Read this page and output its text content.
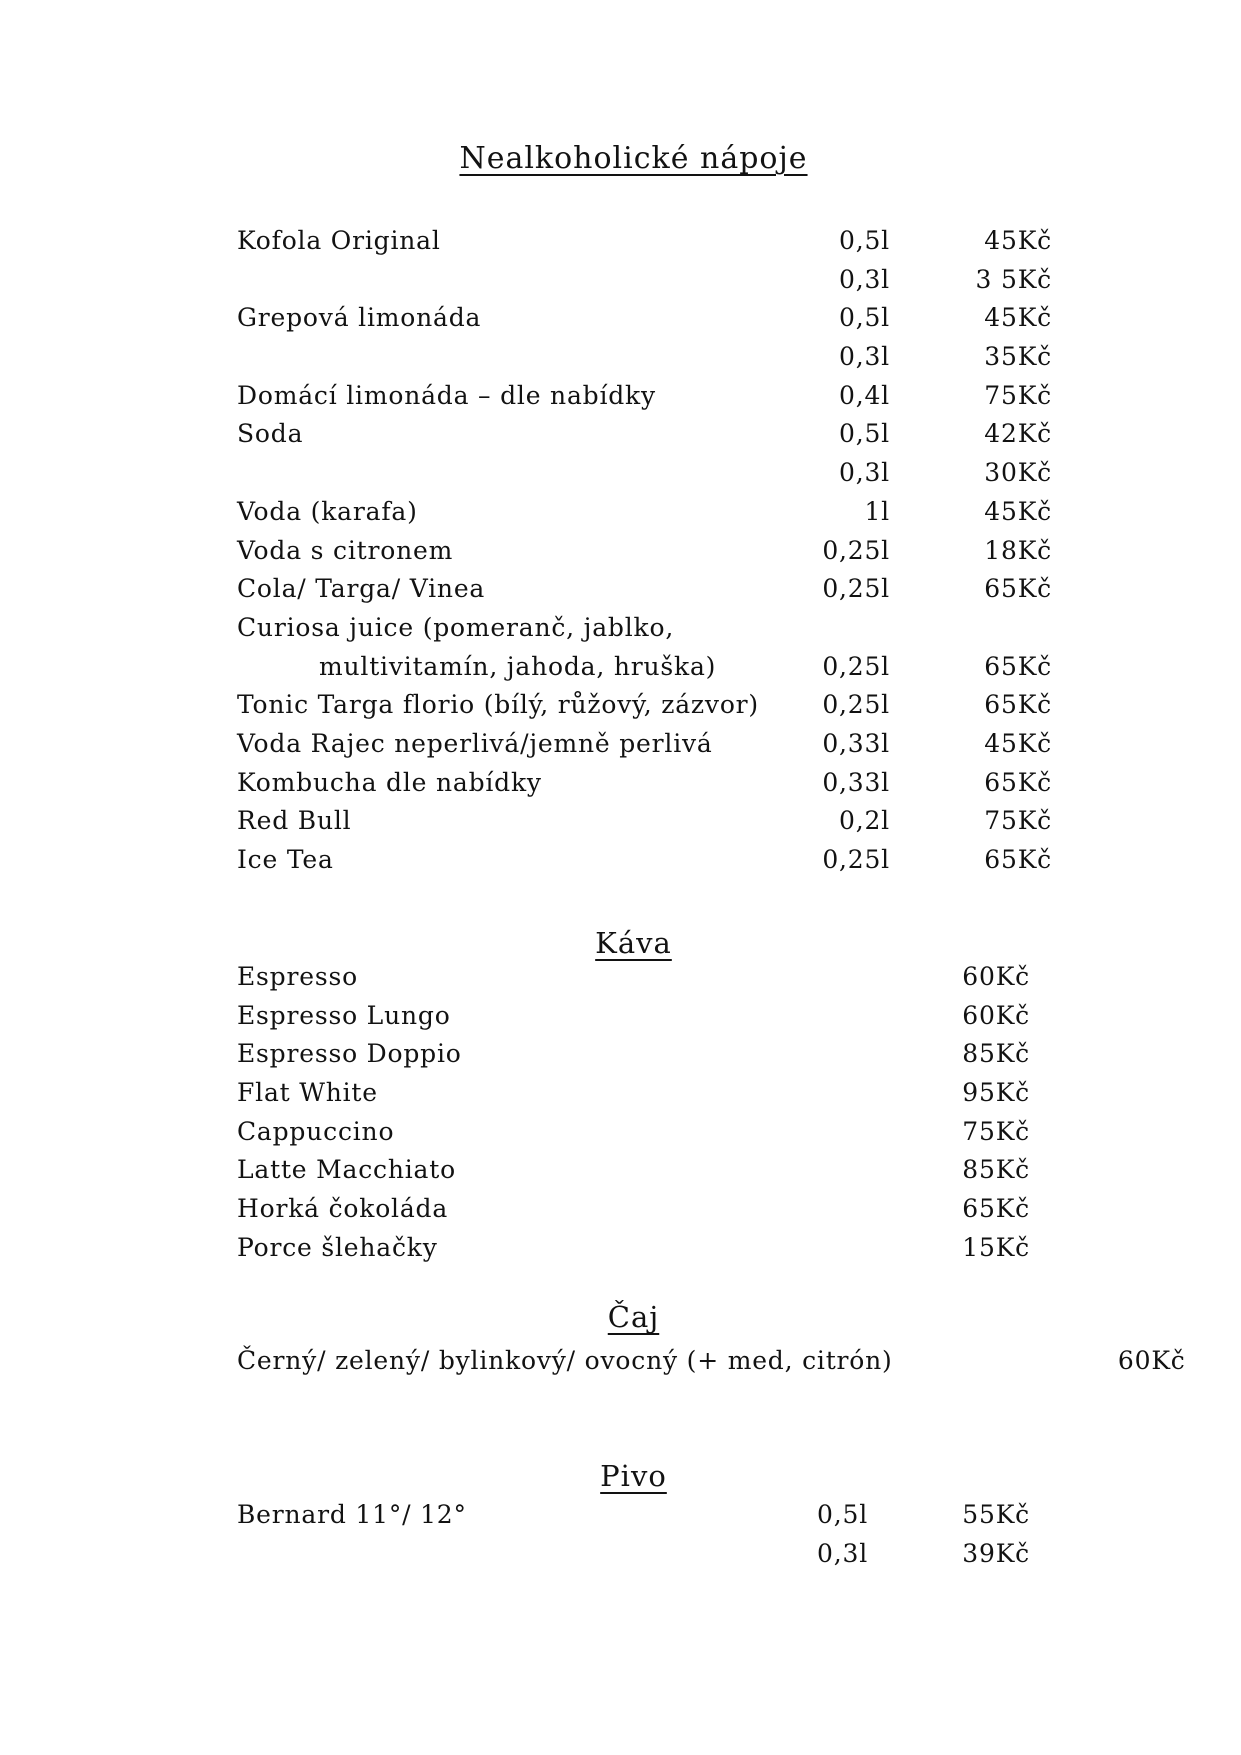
Nealkoholické nápoje
Kofola Original	0,5l	45Kč
0,3l	3 5Kč
Grepová limonáda	0,5l	45Kč
0,3l	35Kč
Domácí limonáda – dle nabídky	0,4l	75Kč
Soda	0,5l	42Kč
0,3l	30Kč
Voda (karafa)	1l	45Kč
Voda s citronem	0,25l	18Kč
Cola/ Targa/ Vinea	0,25l	65Kč
Curiosa juice (pomeranč, jablko,
multivitamín, jahoda, hruška)	0,25l	65Kč
Tonic Targa florio (bílý, růžový, zázvor)	0,25l	65Kč
Voda Rajec neperlivá/jemně perlivá	0,33l	45Kč
Kombucha dle nabídky	0,33l	65Kč
Red Bull	0,2l	75Kč
Ice Tea	0,25l	65Kč
Káva
Espresso	60Kč
Espresso Lungo	60Kč
Espresso Doppio	85Kč
Flat White	95Kč
Cappuccino	75Kč
Latte Macchiato	85Kč
Horká čokoláda	65Kč
Porce šlehačky	15Kč
Čaj
Černý/ zelený/ bylinkový/ ovocný (+ med, citrón)	60Kč
Pivo
Bernard 11°/ 12°	0,5l	55Kč
0,3l	39Kč
